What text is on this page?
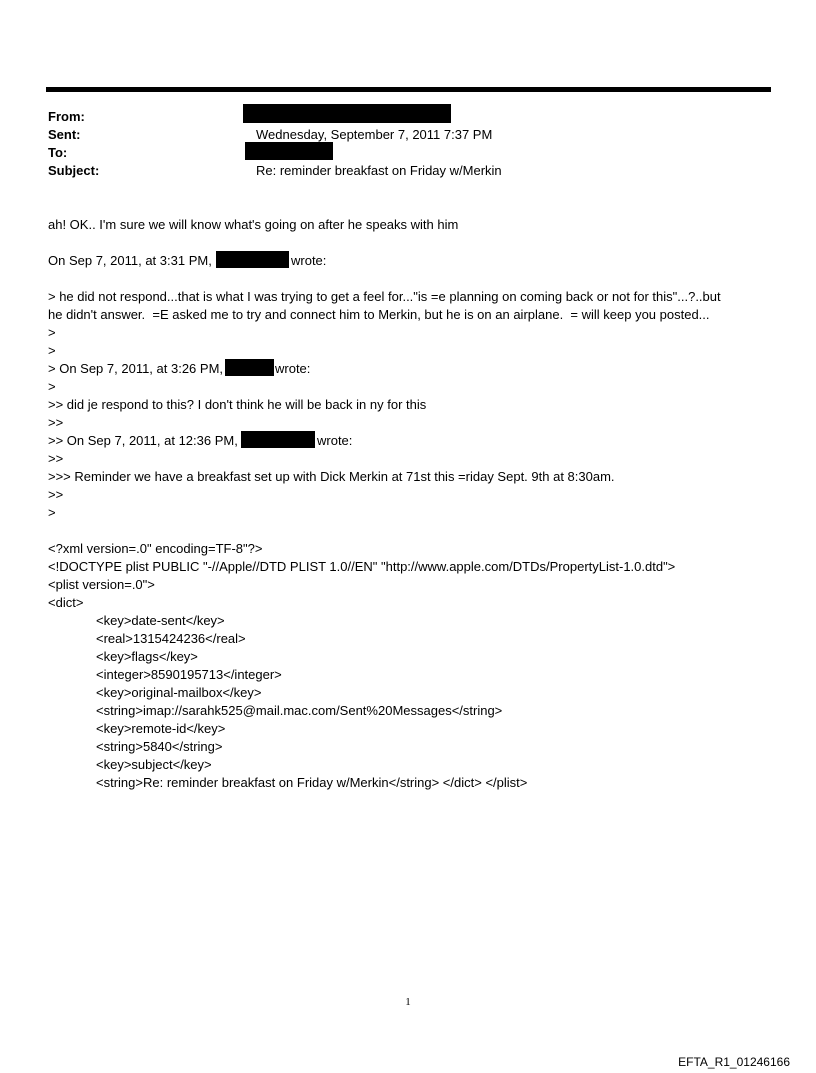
From:
Sent:	Wednesday, September 7, 2011 7:37 PM
To:
Subject:	Re: reminder breakfast on Friday w/Merkin
ah! OK.. I'm sure we will know what's going on after he speaks with him
On Sep 7, 2011, at 3:31 PM,	wrote:
> he did not respond...that is what I was trying to get a feel for..."is =e planning on coming back or not for this"...?..but
he didn't answer.  =E asked me to try and connect him to Merkin, but he is on an airplane.  = will keep you posted...
>
>
> On Sep 7, 2011, at 3:26 PM,	wrote:
>
>> did je respond to this? I don't think he will be back in ny for this
>>
>> On Sep 7, 2011, at 12:36 PM,	wrote:
>>
>>> Reminder we have a breakfast set up with Dick Merkin at 71st this =riday Sept. 9th at 8:30am.
>>
>
<?xml version=.0" encoding=TF-8"?>
<!DOCTYPE plist PUBLIC "-//Apple//DTD PLIST 1.0//EN" "http://www.apple.com/DTDs/PropertyList-1.0.dtd">
<plist version=.0">
<dict>
<key>date-sent</key>
<real>1315424236</real>
<key>flags</key>
<integer>8590195713</integer>
<key>original-mailbox</key>
<string>imap://sarahk525@mail.mac.com/Sent%20Messages</string>
<key>remote-id</key>
<string>5840</string>
<key>subject</key>
<string>Re: reminder breakfast on Friday w/Merkin</string> </dict> </plist>
1
EFTA_R1_01246166
